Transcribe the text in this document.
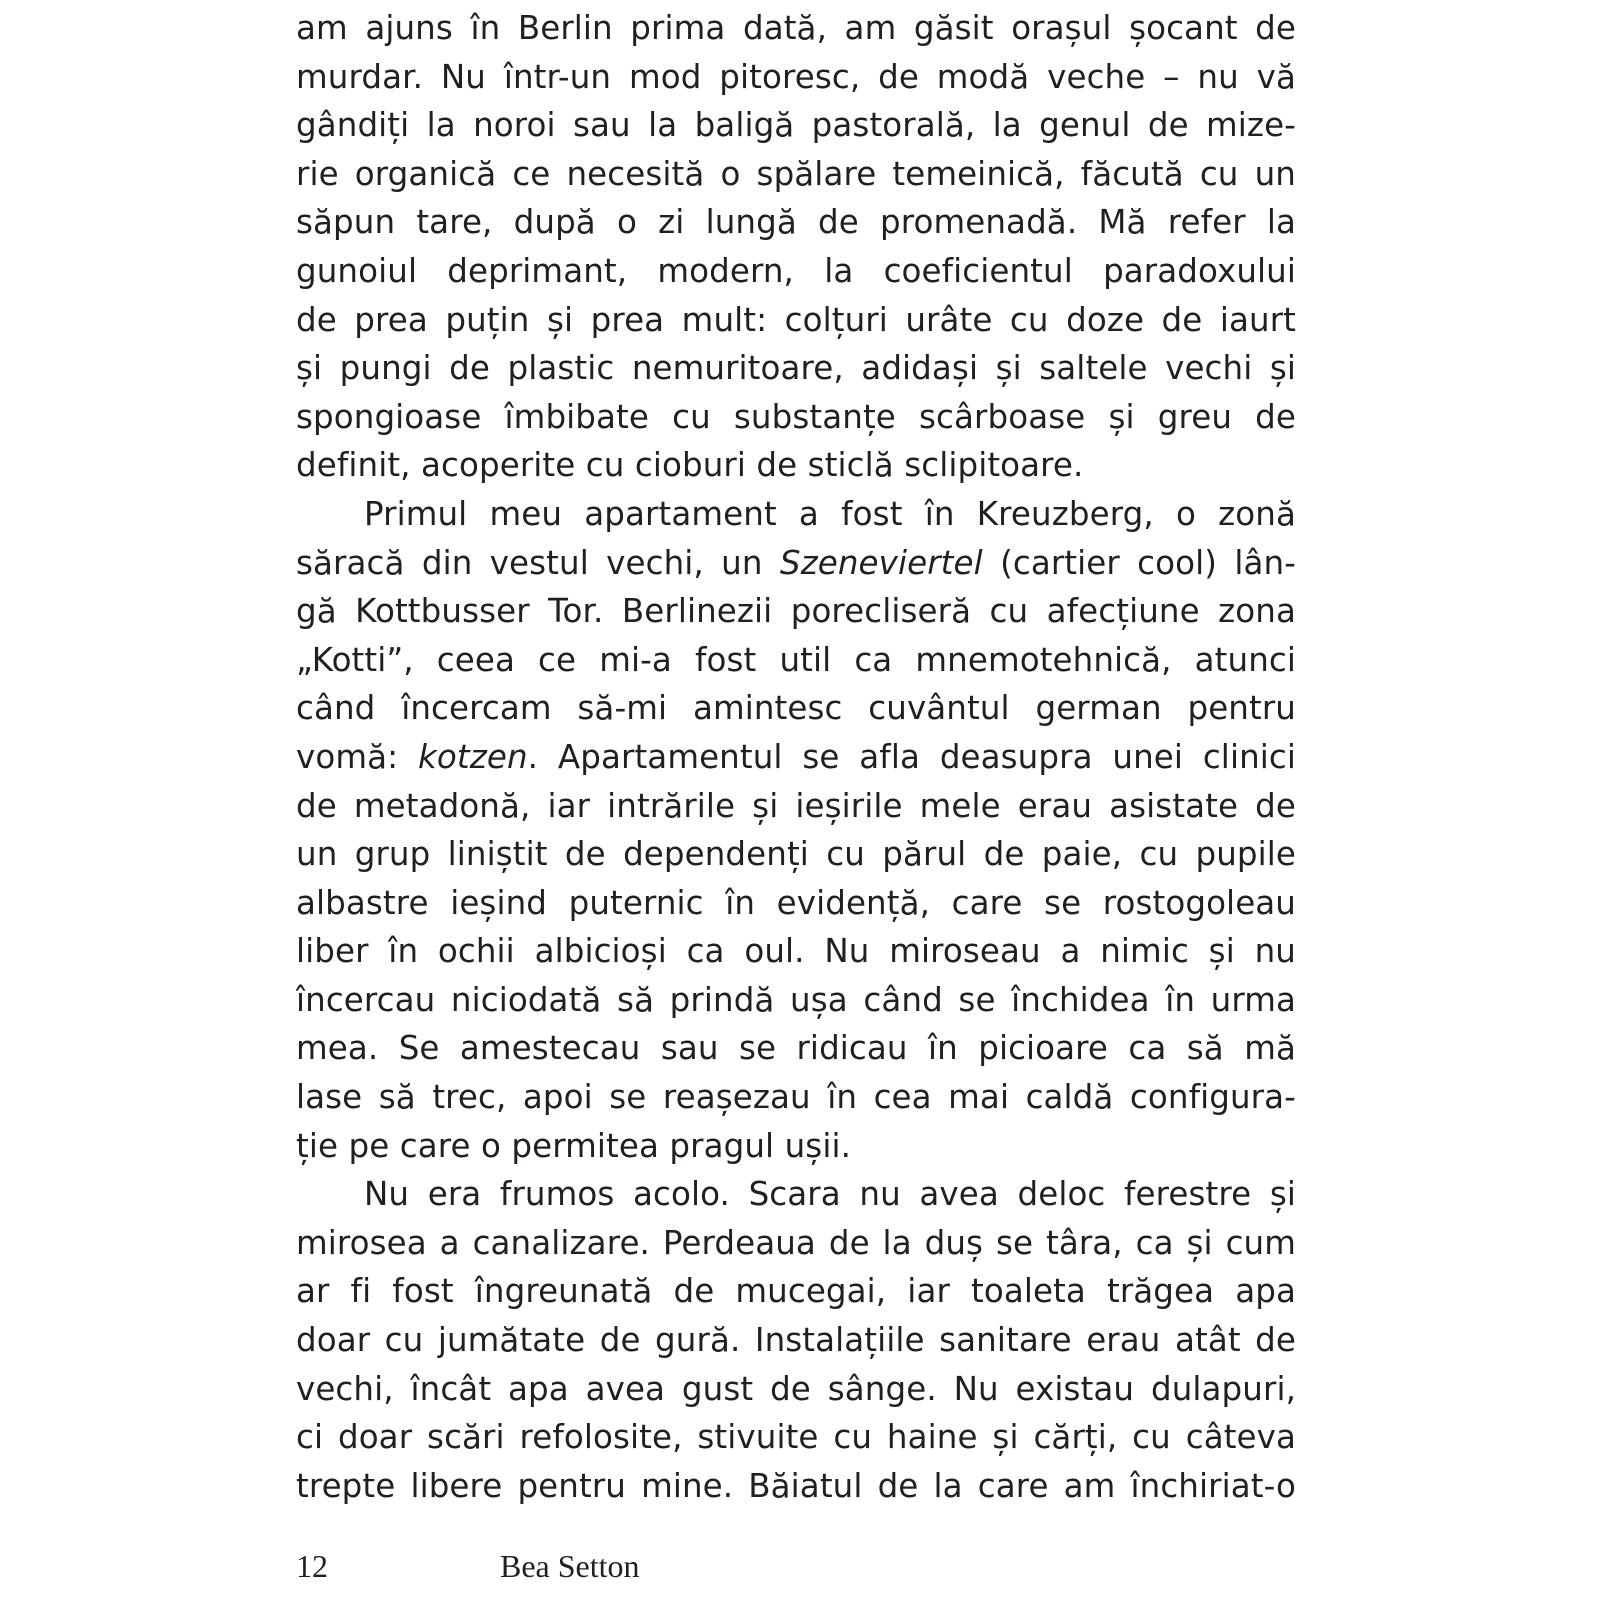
am ajuns în Berlin prima dată, am găsit orașul șocant de
murdar. Nu într-un mod pitoresc, de modă veche – nu vă
gândiți la noroi sau la baligă pastorală, la genul de mize-
rie organică ce necesită o spălare temeinică, făcută cu un
săpun tare, după o zi lungă de promenadă. Mă refer la
gunoiul deprimant, modern, la coeficientul paradoxului
de prea puțin și prea mult: colțuri urâte cu doze de iaurt
și pungi de plastic nemuritoare, adidași și saltele vechi și
spongioase îmbibate cu substanțe scârboase și greu de
definit, acoperite cu cioburi de sticlă sclipitoare.
Primul meu apartament a fost în Kreuzberg, o zonă
săracă din vestul vechi, un Szeneviertel (cartier cool) lân-
gă Kottbusser Tor. Berlinezii porecliseră cu afecțiune zona
„Kotti”, ceea ce mi-a fost util ca mnemotehnică, atunci
când încercam să-mi amintesc cuvântul german pentru
vomă: kotzen. Apartamentul se afla deasupra unei clinici
de metadonă, iar intrările și ieșirile mele erau asistate de
un grup liniștit de dependenți cu părul de paie, cu pupile
albastre ieșind puternic în evidență, care se rostogoleau
liber în ochii albicioși ca oul. Nu miroseau a nimic și nu
încercau niciodată să prindă ușa când se închidea în urma
mea. Se amestecau sau se ridicau în picioare ca să mă
lase să trec, apoi se reașezau în cea mai caldă configura-
ție pe care o permitea pragul ușii.
Nu era frumos acolo. Scara nu avea deloc ferestre și
mirosea a canalizare. Perdeaua de la duș se târa, ca și cum
ar fi fost îngreunată de mucegai, iar toaleta trăgea apa
doar cu jumătate de gură. Instalațiile sanitare erau atât de
vechi, încât apa avea gust de sânge. Nu existau dulapuri,
ci doar scări refolosite, stivuite cu haine și cărți, cu câteva
trepte libere pentru mine. Băiatul de la care am închiriat-o
12	Bea Setton
